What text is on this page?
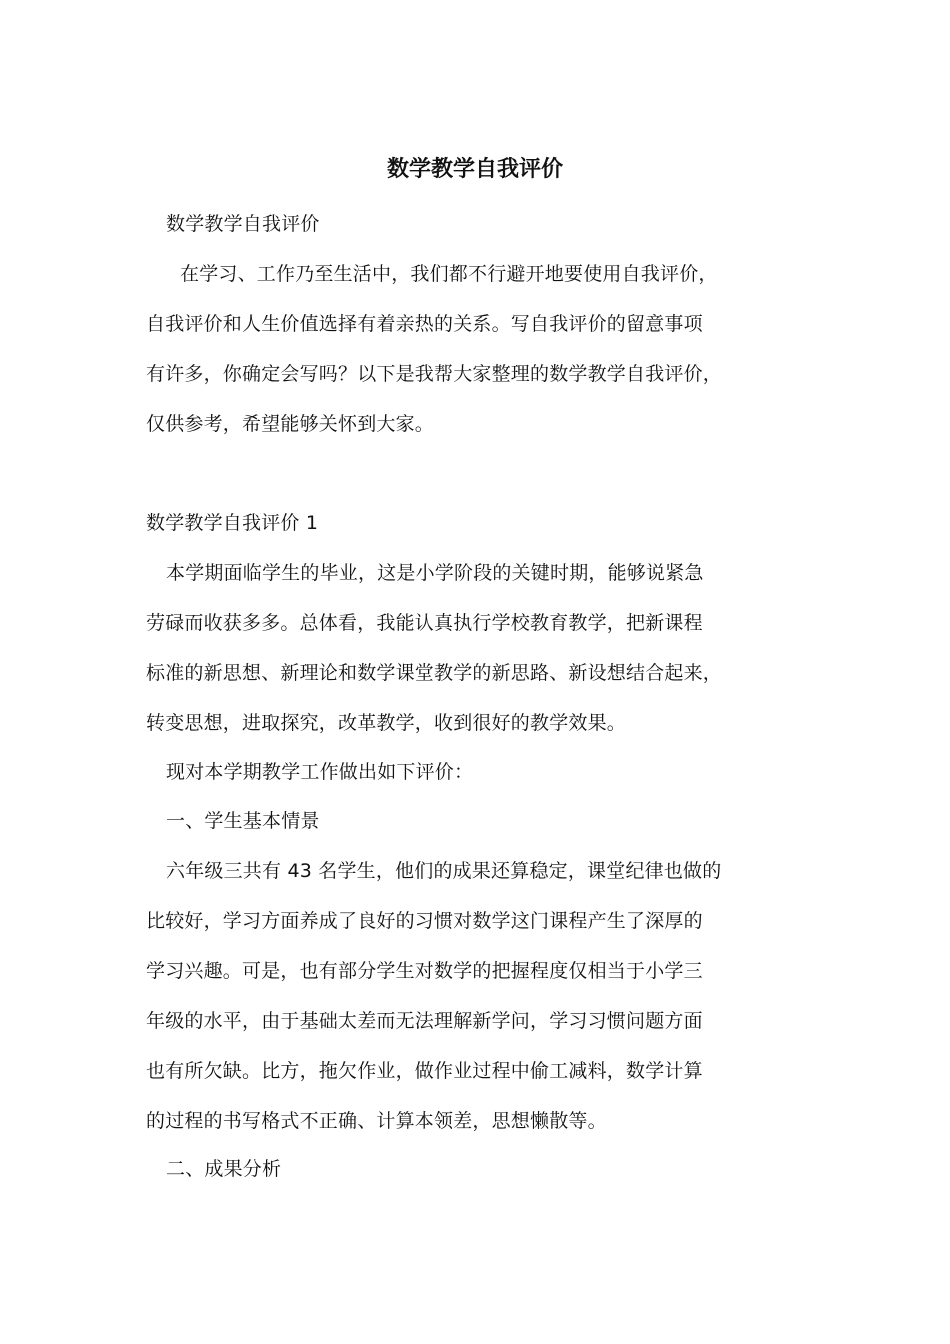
数学教学自我评价
数学教学自我评价
在学习、工作乃至生活中，我们都不行避开地要使用自我评价，
自我评价和人生价值选择有着亲热的关系。写自我评价的留意事项
有许多，你确定会写吗？以下是我帮大家整理的数学教学自我评价，
仅供参考，希望能够关怀到大家。
数学教学自我评价 1
本学期面临学生的毕业，这是小学阶段的关键时期，能够说紧急
劳碌而收获多多。总体看，我能认真执行学校教育教学，把新课程
标准的新思想、新理论和数学课堂教学的新思路、新设想结合起来，
转变思想，进取探究，改革教学，收到很好的教学效果。
现对本学期教学工作做出如下评价：
一、学生基本情景
六年级三共有 43 名学生，他们的成果还算稳定，课堂纪律也做的
比较好，学习方面养成了良好的习惯对数学这门课程产生了深厚的
学习兴趣。可是，也有部分学生对数学的把握程度仅相当于小学三
年级的水平，由于基础太差而无法理解新学问，学习习惯问题方面
也有所欠缺。比方，拖欠作业，做作业过程中偷工减料，数学计算
的过程的书写格式不正确、计算本领差，思想懒散等。
二、成果分析
